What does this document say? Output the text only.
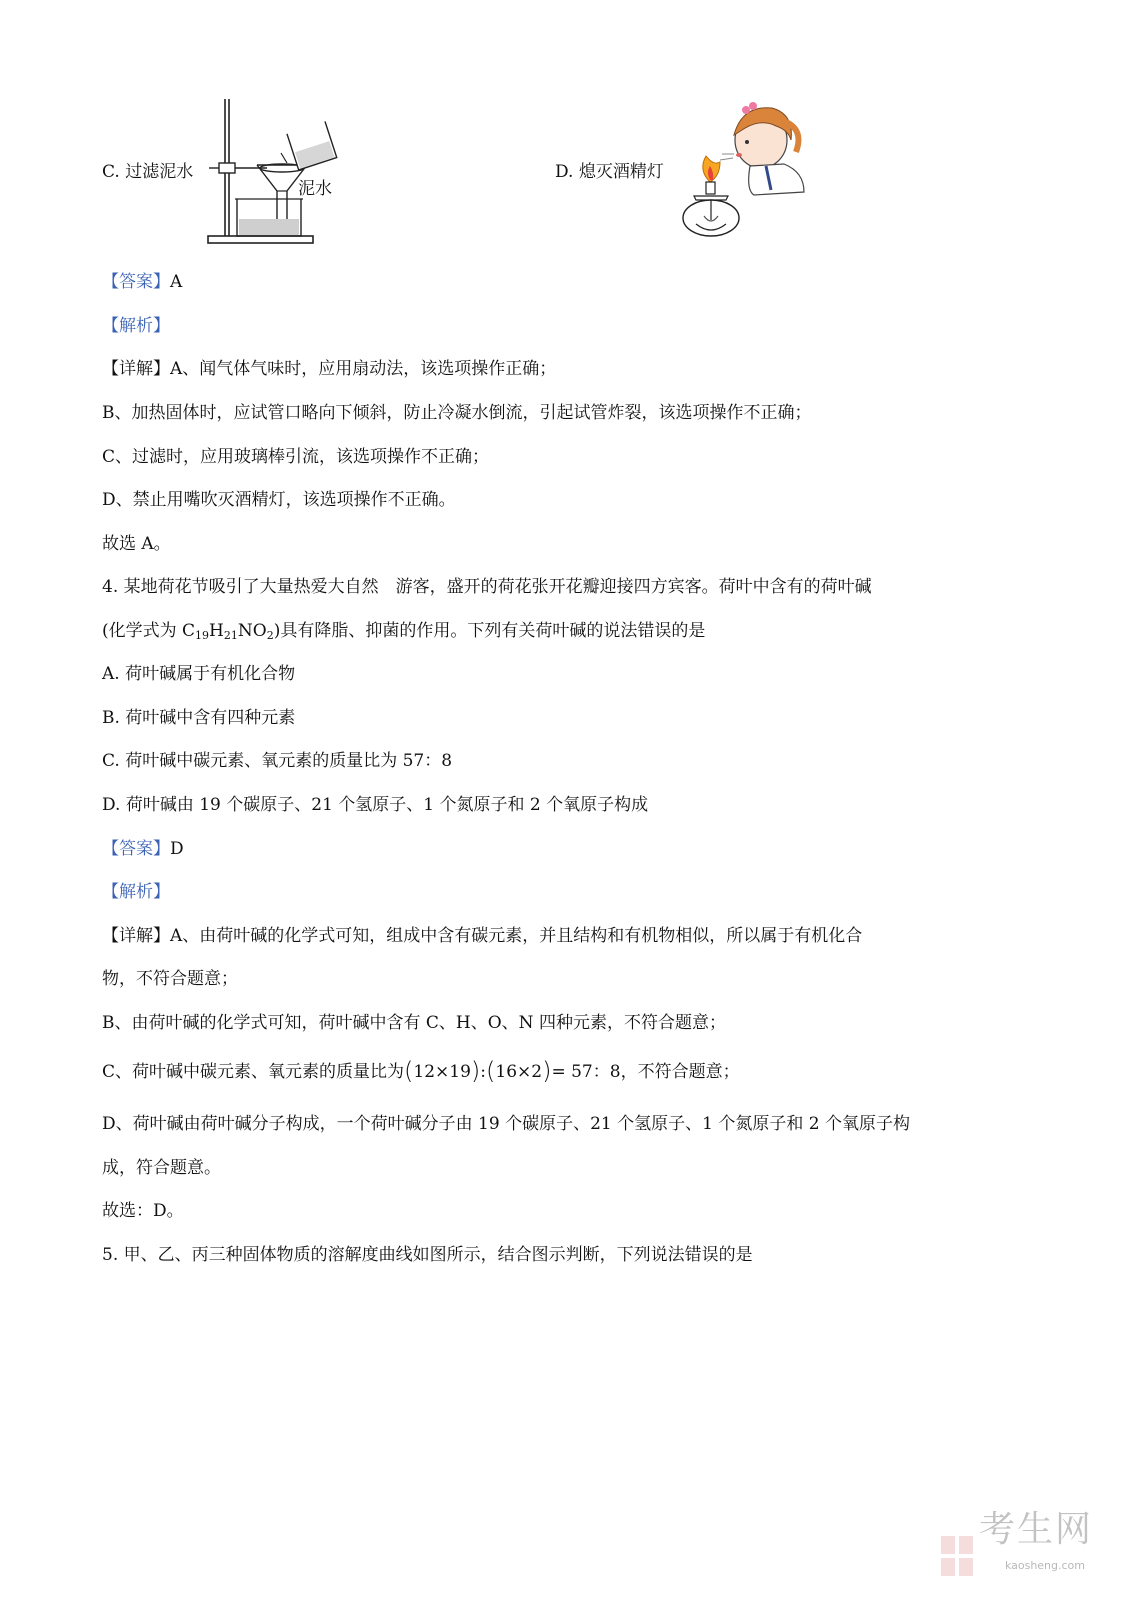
C. 过滤泥水
泥水
D. 熄灭酒精灯
【答案】A
【解析】
【详解】A、闻气体气味时，应用扇动法，该选项操作正确；
B、加热固体时，应试管口略向下倾斜，防止冷凝水倒流，引起试管炸裂，该选项操作不正确；
C、过滤时，应用玻璃棒引流，该选项操作不正确；
D、禁止用嘴吹灭酒精灯，该选项操作不正确。
故选 A。
4. 某地荷花节吸引了大量热爱大自然　游客，盛开的荷花张开花瓣迎接四方宾客。荷叶中含有的荷叶碱
(化学式为 $C_{19}H_{21}NO_2$)具有降脂、抑菌的作用。下列有关荷叶碱的说法错误的是
A. 荷叶碱属于有机化合物
B. 荷叶碱中含有四种元素
C. 荷叶碱中碳元素、氧元素的质量比为 57：8
D. 荷叶碱由 19 个碳原子、21 个氢原子、1 个氮原子和 2 个氧原子构成
【答案】D
【解析】
【详解】A、由荷叶碱的化学式可知，组成中含有碳元素，并且结构和有机物相似，所以属于有机化合
物，不符合题意；
B、由荷叶碱的化学式可知，荷叶碱中含有 C、H、O、N 四种元素，不符合题意；
C、荷叶碱中碳元素、氧元素的质量比为(12×19):(16×2)= 57：8，不符合题意；
D、荷叶碱由荷叶碱分子构成，一个荷叶碱分子由 19 个碳原子、21 个氢原子、1 个氮原子和 2 个氧原子构
成，符合题意。
故选：D。
5. 甲、乙、丙三种固体物质的溶解度曲线如图所示，结合图示判断，下列说法错误的是
考生网
kaosheng.com
